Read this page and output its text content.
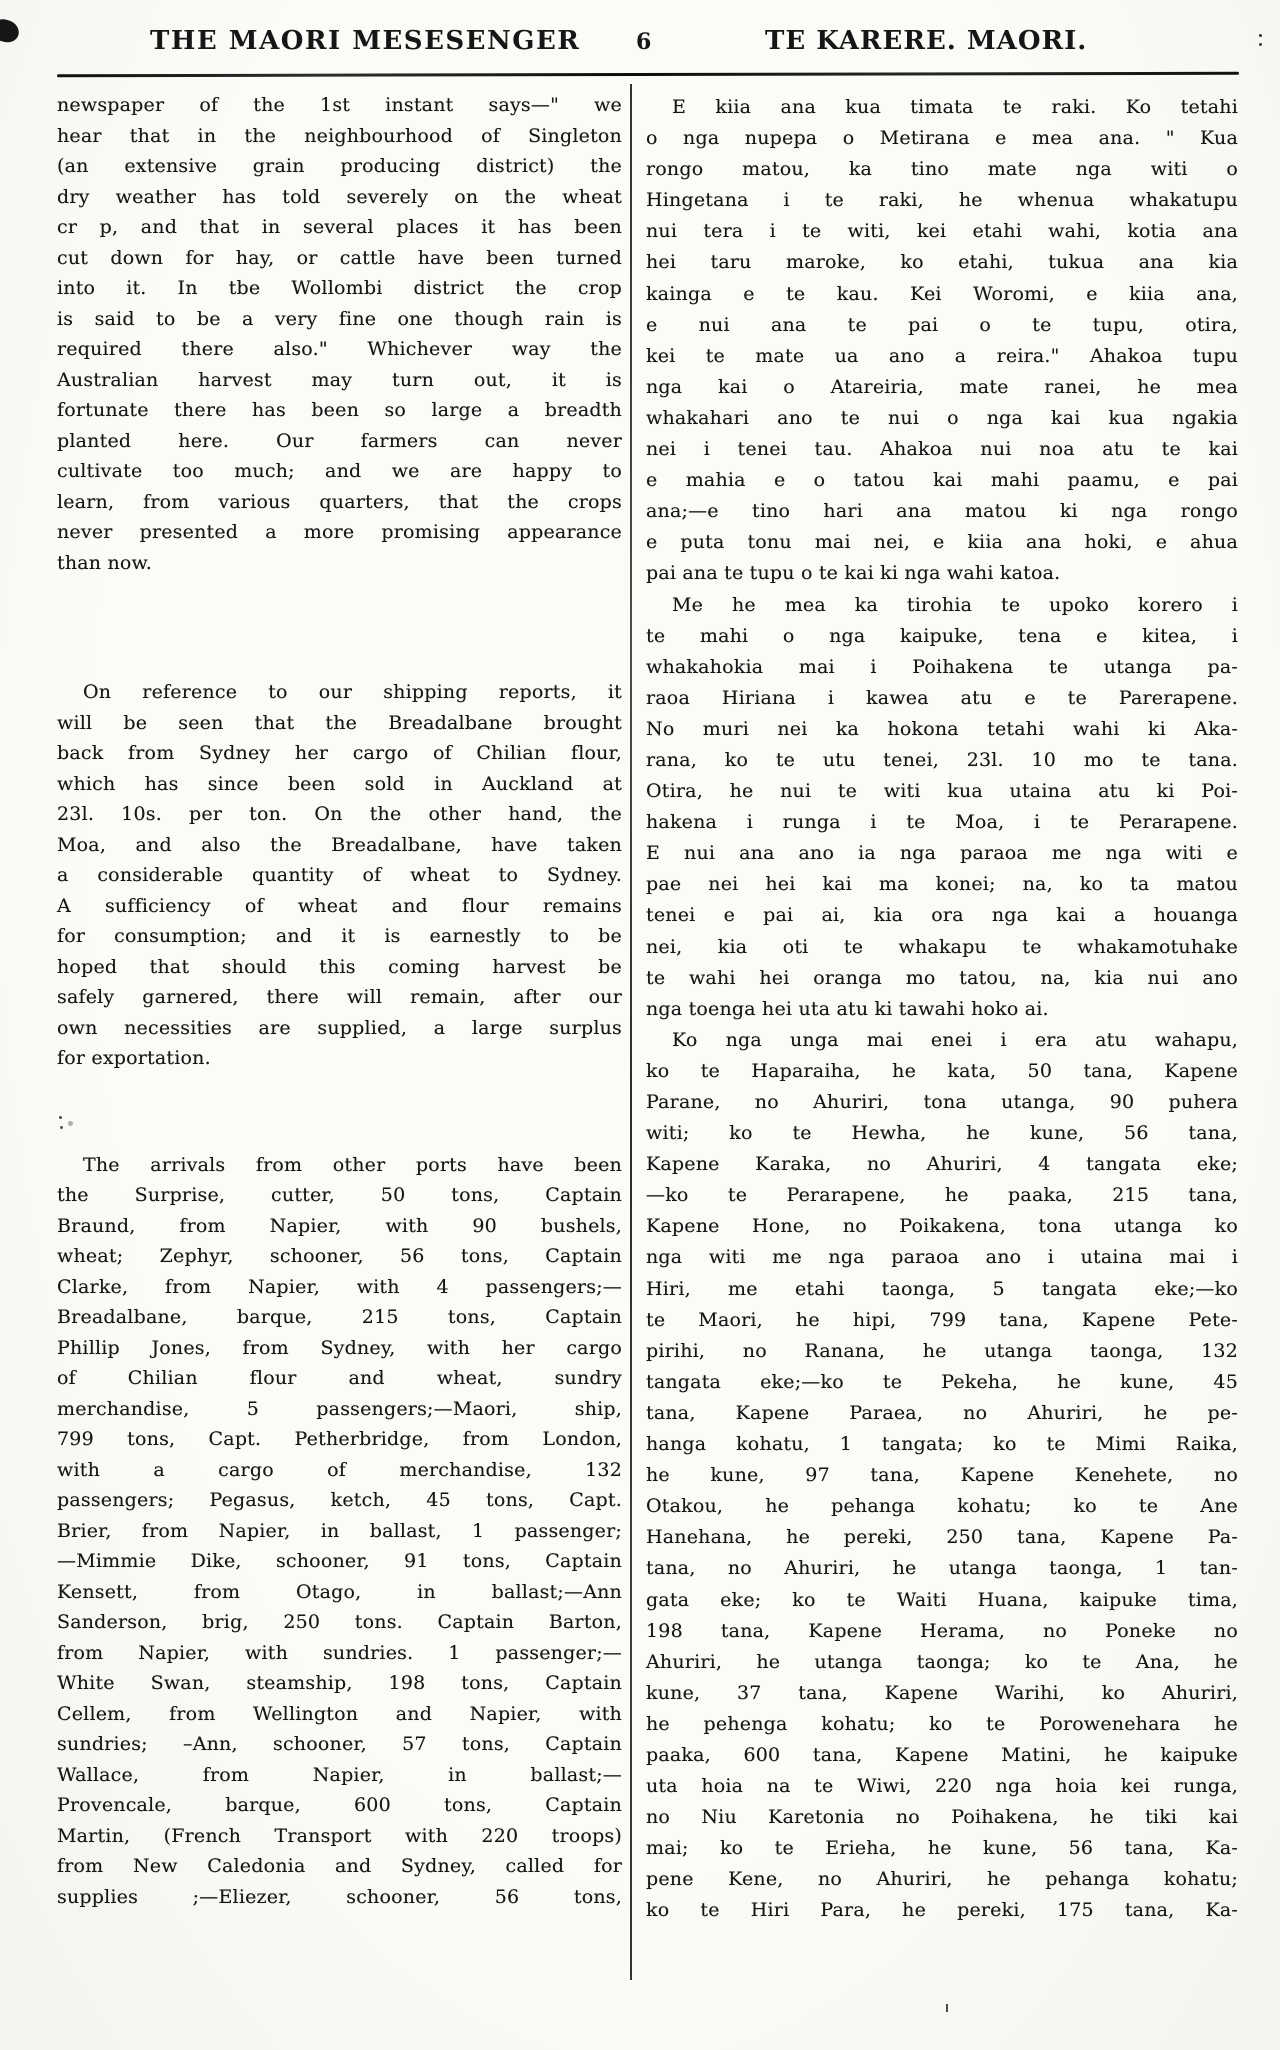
THE MAORI MESESENGER	6	TE KARERE. MAORI.
newspaper of the 1st instant says—" we
hear that in the neighbourhood of Singleton
(an extensive grain producing district) the
dry weather has told severely on the wheat
cr p, and that in several places it has been
cut down for hay, or cattle have been turned
into it. In tbe Wollombi district the crop
is said to be a very fine one though rain is
required there also." Whichever way the
Australian harvest may turn out, it is
fortunate there has been so large a breadth
planted here. Our farmers can never
cultivate too much; and we are happy to
learn, from various quarters, that the crops
never presented a more promising appearance
than now.
On reference to our shipping reports, it
will be seen that the Breadalbane brought
back from Sydney her cargo of Chilian flour,
which has since been sold in Auckland at
23l. 10s. per ton. On the other hand, the
Moa, and also the Breadalbane, have taken
a considerable quantity of wheat to Sydney.
A sufficiency of wheat and flour remains
for consumption; and it is earnestly to be
hoped that should this coming harvest be
safely garnered, there will remain, after our
own necessities are supplied, a large surplus
for exportation.
The arrivals from other ports have been
the Surprise, cutter, 50 tons, Captain
Braund, from Napier, with 90 bushels,
wheat; Zephyr, schooner, 56 tons, Captain
Clarke, from Napier, with 4 passengers;—
Breadalbane, barque, 215 tons, Captain
Phillip Jones, from Sydney, with her cargo
of Chilian flour and wheat, sundry
merchandise, 5 passengers;—Maori, ship,
799 tons, Capt. Petherbridge, from London,
with a cargo of merchandise, 132
passengers; Pegasus, ketch, 45 tons, Capt.
Brier, from Napier, in ballast, 1 passenger;
—Mimmie Dike, schooner, 91 tons, Captain
Kensett, from Otago, in ballast;—Ann
Sanderson, brig, 250 tons. Captain Barton,
from Napier, with sundries. 1 passenger;—
White Swan, steamship, 198 tons, Captain
Cellem, from Wellington and Napier, with
sundries; –Ann, schooner, 57 tons, Captain
Wallace, from Napier, in ballast;—
Provencale, barque, 600 tons, Captain
Martin, (French Transport with 220 troops)
from New Caledonia and Sydney, called for
supplies ;—Eliezer, schooner, 56 tons,
E kiia ana kua timata te raki. Ko tetahi
o nga nupepa o Metirana e mea ana. " Kua
rongo matou, ka tino mate nga witi o
Hingetana i te raki, he whenua whakatupu
nui tera i te witi, kei etahi wahi, kotia ana
hei taru maroke, ko etahi, tukua ana kia
kainga e te kau. Kei Woromi, e kiia ana,
e nui ana te pai o te tupu, otira,
kei te mate ua ano a reira." Ahakoa tupu
nga kai o Atareiria, mate ranei, he mea
whakahari ano te nui o nga kai kua ngakia
nei i tenei tau. Ahakoa nui noa atu te kai
e mahia e o tatou kai mahi paamu, e pai
ana;—e tino hari ana matou ki nga rongo
e puta tonu mai nei, e kiia ana hoki, e ahua
pai ana te tupu o te kai ki nga wahi katoa.
Me he mea ka tirohia te upoko korero i
te mahi o nga kaipuke, tena e kitea, i
whakahokia mai i Poihakena te utanga pa-
raoa Hiriana i kawea atu e te Parerapene.
No muri nei ka hokona tetahi wahi ki Aka-
rana, ko te utu tenei, 23l. 10 mo te tana.
Otira, he nui te witi kua utaina atu ki Poi-
hakena i runga i te Moa, i te Perarapene.
E nui ana ano ia nga paraoa me nga witi e
pae nei hei kai ma konei; na, ko ta matou
tenei e pai ai, kia ora nga kai a houanga
nei, kia oti te whakapu te whakamotuhake
te wahi hei oranga mo tatou, na, kia nui ano
nga toenga hei uta atu ki tawahi hoko ai.
Ko nga unga mai enei i era atu wahapu,
ko te Haparaiha, he kata, 50 tana, Kapene
Parane, no Ahuriri, tona utanga, 90 puhera
witi; ko te Hewha, he kune, 56 tana,
Kapene Karaka, no Ahuriri, 4 tangata eke;
—ko te Perarapene, he paaka, 215 tana,
Kapene Hone, no Poikakena, tona utanga ko
nga witi me nga paraoa ano i utaina mai i
Hiri, me etahi taonga, 5 tangata eke;—ko
te Maori, he hipi, 799 tana, Kapene Pete-
pirihi, no Ranana, he utanga taonga, 132
tangata eke;—ko te Pekeha, he kune, 45
tana, Kapene Paraea, no Ahuriri, he pe-
hanga kohatu, 1 tangata; ko te Mimi Raika,
he kune, 97 tana, Kapene Kenehete, no
Otakou, he pehanga kohatu; ko te Ane
Hanehana, he pereki, 250 tana, Kapene Pa-
tana, no Ahuriri, he utanga taonga, 1 tan-
gata eke; ko te Waiti Huana, kaipuke tima,
198 tana, Kapene Herama, no Poneke no
Ahuriri, he utanga taonga; ko te Ana, he
kune, 37 tana, Kapene Warihi, ko Ahuriri,
he pehenga kohatu; ko te Porowenehara he
paaka, 600 tana, Kapene Matini, he kaipuke
uta hoia na te Wiwi, 220 nga hoia kei runga,
no Niu Karetonia no Poihakena, he tiki kai
mai; ko te Erieha, he kune, 56 tana, Ka-
pene Kene, no Ahuriri, he pehanga kohatu;
ko te Hiri Para, he pereki, 175 tana, Ka-
